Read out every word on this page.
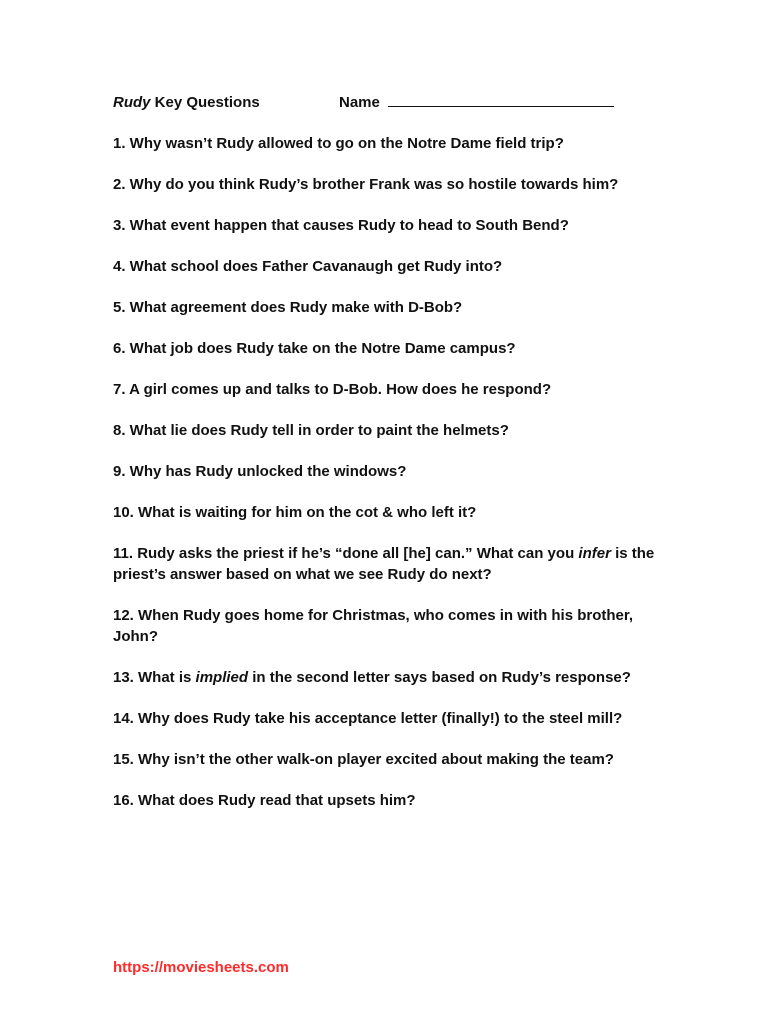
Rudy Key Questions	Name

1. Why wasn’t Rudy allowed to go on the Notre Dame field trip?

2. Why do you think Rudy’s brother Frank was so hostile towards him?

3. What event happen that causes Rudy to head to South Bend?

4. What school does Father Cavanaugh get Rudy into?

5. What agreement does Rudy make with D-Bob?

6. What job does Rudy take on the Notre Dame campus?

7. A girl comes up and talks to D-Bob. How does he respond?

8. What lie does Rudy tell in order to paint the helmets?

9. Why has Rudy unlocked the windows?

10. What is waiting for him on the cot & who left it?

11. Rudy asks the priest if he’s “done all [he] can.” What can you infer is the priest’s answer based on what we see Rudy do next?

12. When Rudy goes home for Christmas, who comes in with his brother, John?

13. What is implied in the second letter says based on Rudy’s response?

14. Why does Rudy take his acceptance letter (finally!) to the steel mill?

15. Why isn’t the other walk-on player excited about making the team?

16. What does Rudy read that upsets him?

https://moviesheets.com
